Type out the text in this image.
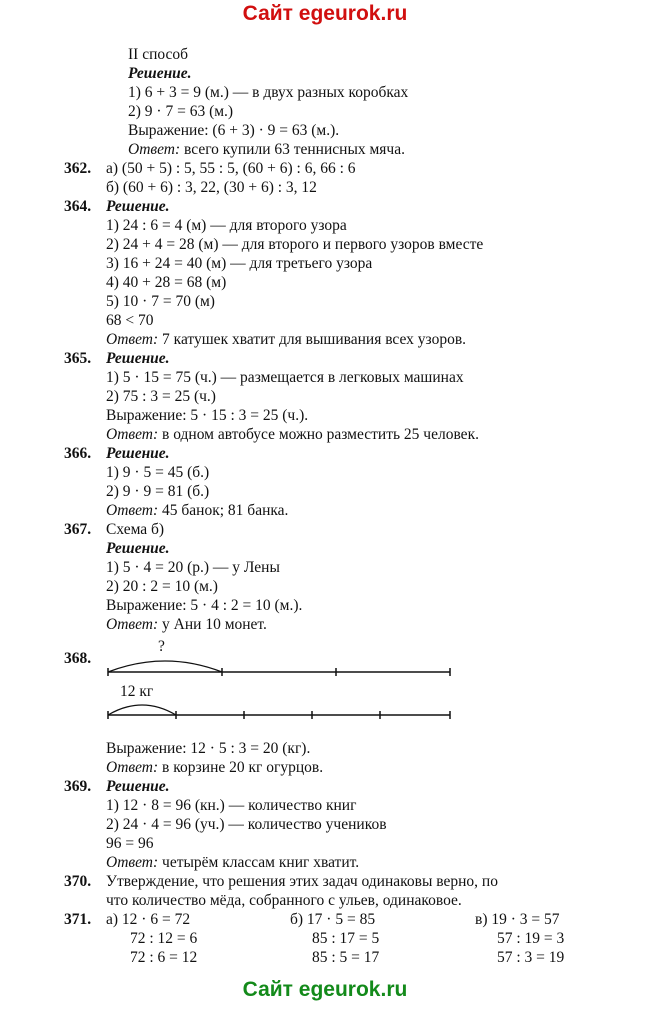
Сайт egeurok.ru
II способ
Решение.
1) 6 + 3 = 9 (м.) — в двух разных коробках
2) 9 · 7 = 63 (м.)
Выражение: (6 + 3) · 9 = 63 (м.).
Ответ: всего купили 63 теннисных мяча.
362. а) (50 + 5) : 5, 55 : 5, (60 + 6) : 6, 66 : 6
б) (60 + 6) : 3, 22, (30 + 6) : 3, 12
364. Решение.
1) 24 : 6 = 4 (м) — для второго узора
2) 24 + 4 = 28 (м) — для второго и первого узоров вместе
3) 16 + 24 = 40 (м) — для третьего узора
4) 40 + 28 = 68 (м)
5) 10 · 7 = 70 (м)
68 < 70
Ответ: 7 катушек хватит для вышивания всех узоров.
365. Решение.
1) 5 · 15 = 75 (ч.) — размещается в легковых машинах
2) 75 : 3 = 25 (ч.)
Выражение: 5 · 15 : 3 = 25 (ч.).
Ответ: в одном автобусе можно разместить 25 человек.
366. Решение.
1) 9 · 5 = 45 (б.)
2) 9 · 9 = 81 (б.)
Ответ: 45 банок; 81 банка.
367. Схема б)
Решение.
1) 5 · 4 = 20 (р.) — у Лены
2) 20 : 2 = 10 (м.)
Выражение: 5 · 4 : 2 = 10 (м.).
Ответ: у Ани 10 монет.
368.
?
12 кг
Выражение: 12 · 5 : 3 = 20 (кг).
Ответ: в корзине 20 кг огурцов.
369. Решение.
1) 12 · 8 = 96 (кн.) — количество книг
2) 24 · 4 = 96 (уч.) — количество учеников
96 = 96
Ответ: четырём классам книг хватит.
370. Утверждение, что решения этих задач одинаковы верно, по
что количество мёда, собранного с ульев, одинаковое.
371. а) 12 · 6 = 72
72 : 12 = 6
72 : 6 = 12
б) 17 · 5 = 85
85 : 17 = 5
85 : 5 = 17
в) 19 · 3 = 57
57 : 19 = 3
57 : 3 = 19
Сайт egeurok.ru
